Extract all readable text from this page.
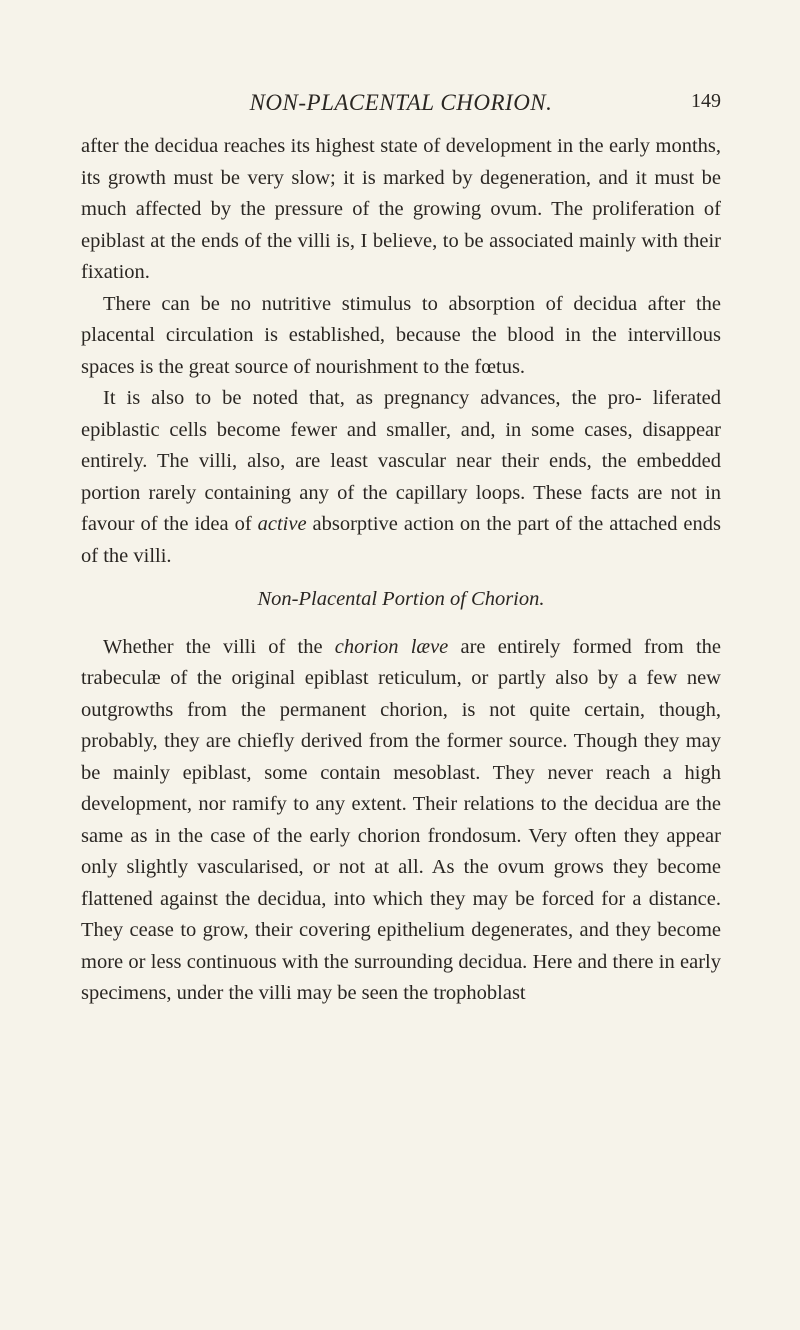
NON-PLACENTAL CHORION.	149

after the decidua reaches its highest state of development in the early months, its growth must be very slow; it is marked by degeneration, and it must be much affected by the pressure of the growing ovum. The proliferation of epiblast at the ends of the villi is, I believe, to be associated mainly with their fixation.

There can be no nutritive stimulus to absorption of decidua after the placental circulation is established, because the blood in the intervillous spaces is the great source of nourishment to the fœtus.

It is also to be noted that, as pregnancy advances, the pro- liferated epiblastic cells become fewer and smaller, and, in some cases, disappear entirely. The villi, also, are least vascular near their ends, the embedded portion rarely containing any of the capillary loops. These facts are not in favour of the idea of active absorptive action on the part of the attached ends of the villi.

Non-Placental Portion of Chorion.

Whether the villi of the chorion læve are entirely formed from the trabeculæ of the original epiblast reticulum, or partly also by a few new outgrowths from the permanent chorion, is not quite certain, though, probably, they are chiefly derived from the former source. Though they may be mainly epiblast, some contain mesoblast. They never reach a high development, nor ramify to any extent. Their relations to the decidua are the same as in the case of the early chorion frondosum. Very often they appear only slightly vascularised, or not at all. As the ovum grows they become flattened against the decidua, into which they may be forced for a distance. They cease to grow, their covering epithelium degenerates, and they become more or less continuous with the surrounding decidua. Here and there in early specimens, under the villi may be seen the trophoblast
